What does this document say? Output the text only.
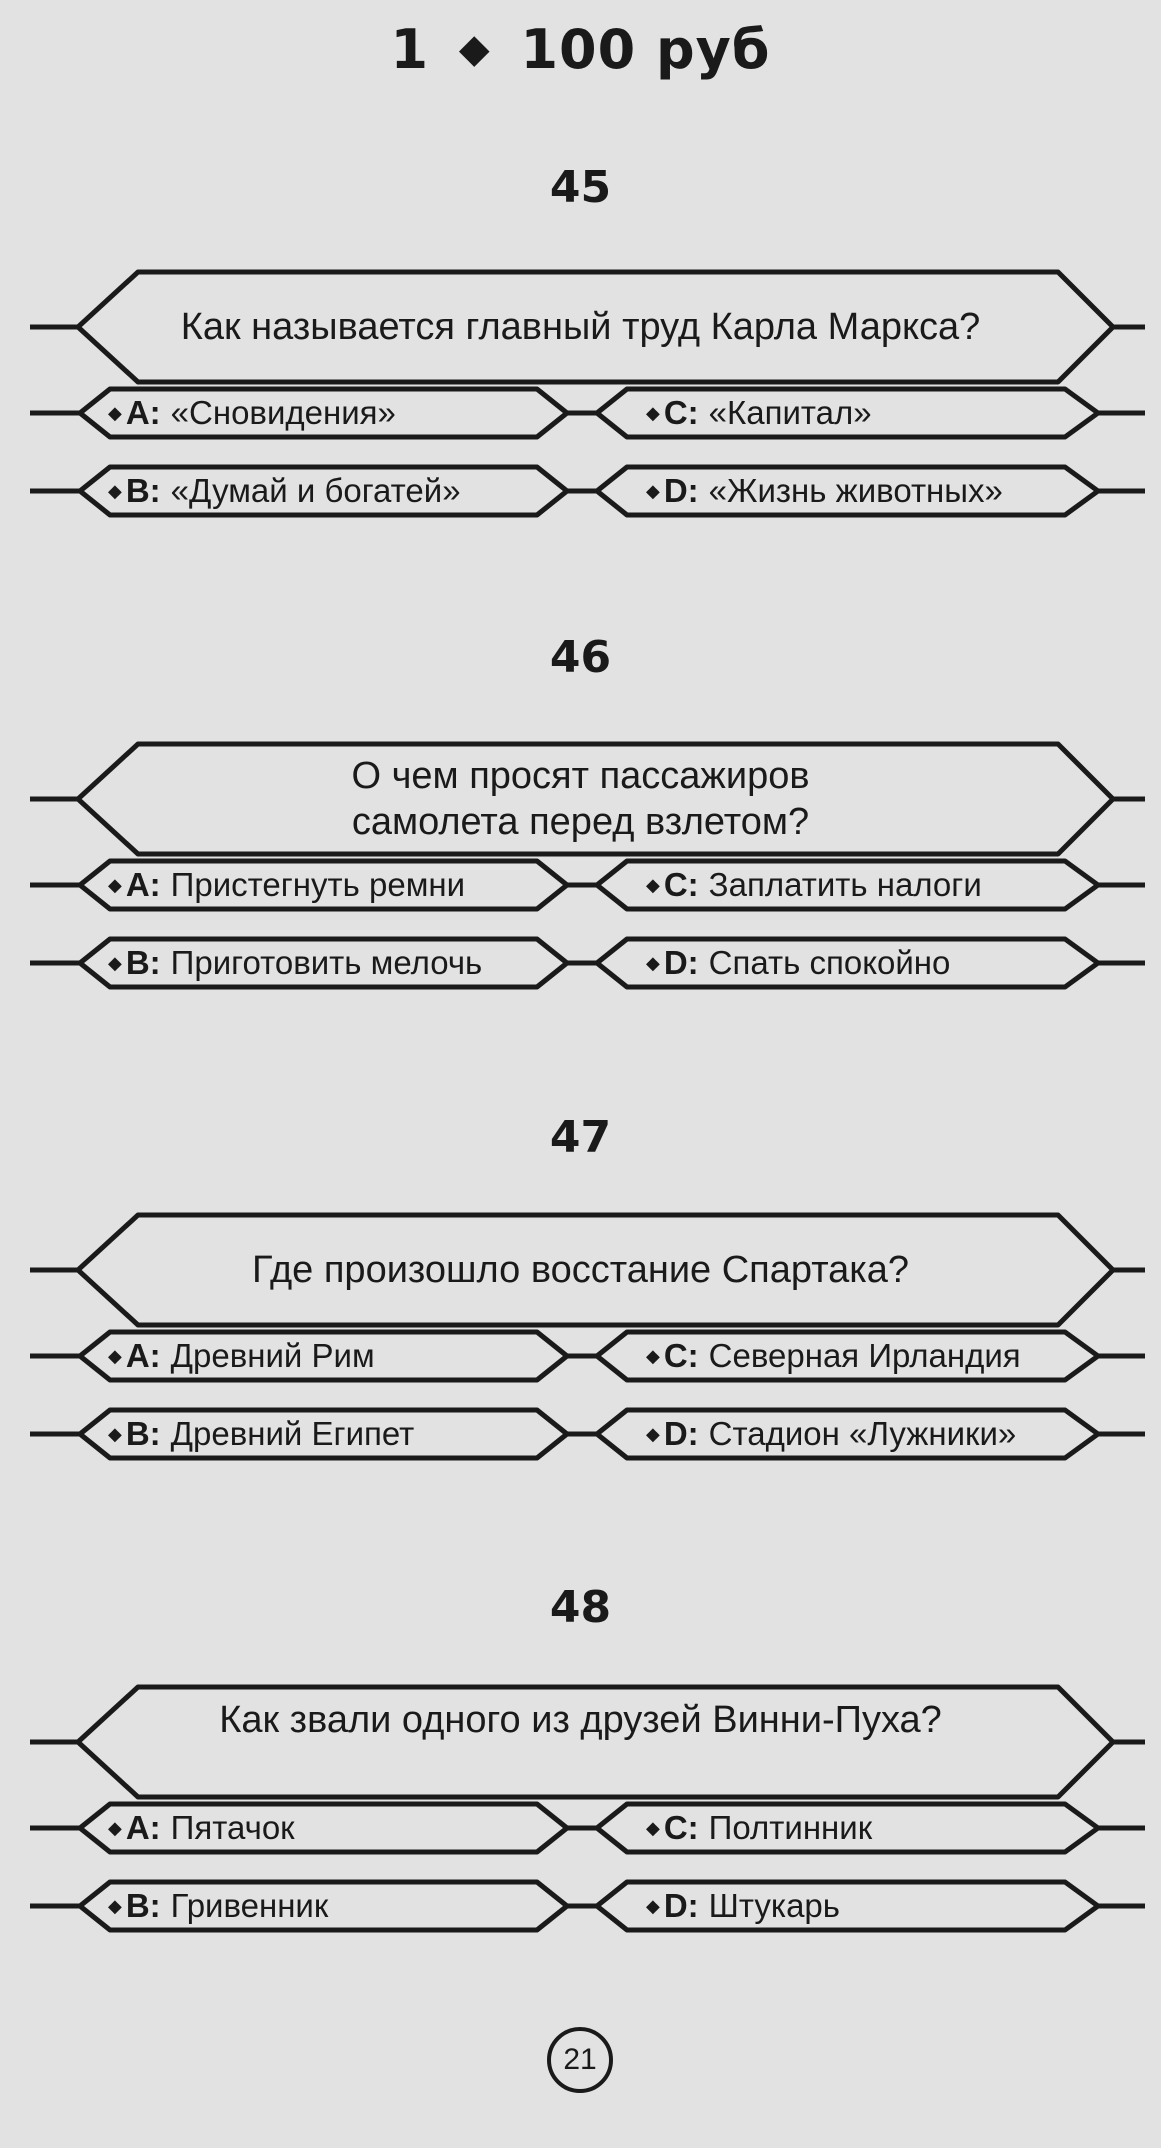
1 ◆ 100 руб
45
Как называется главный труд Карла Маркса?
◆ A: «Сновидения»
◆ B: «Думай и богатей»
◆ C: «Капитал»
◆ D: «Жизнь животных»
46
О чем просят пассажиров самолета перед взлетом?
◆ A: Пристегнуть ремни
◆ B: Приготовить мелочь
◆ C: Заплатить налоги
◆ D: Спать спокойно
47
Где произошло восстание Спартака?
◆ A: Древний Рим
◆ B: Древний Египет
◆ C: Северная Ирландия
◆ D: Стадион «Лужники»
48
Как звали одного из друзей Винни-Пуха?
◆ A: Пятачок
◆ B: Гривенник
◆ C: Полтинник
◆ D: Штукарь
21
